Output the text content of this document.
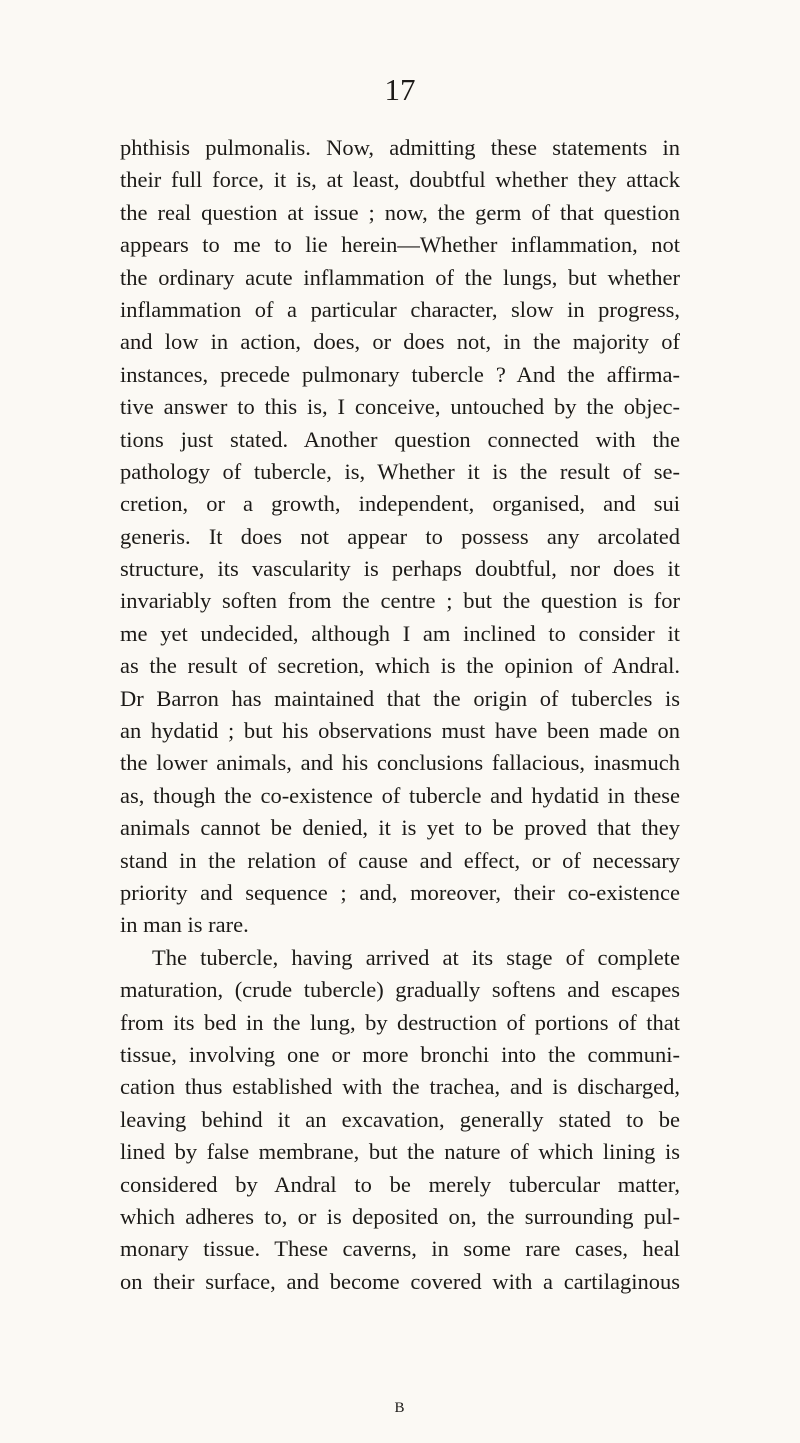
17
phthisis pulmonalis. Now, admitting these statements in
their full force, it is, at least, doubtful whether they attack
the real question at issue ; now, the germ of that question
appears to me to lie herein—Whether inflammation, not
the ordinary acute inflammation of the lungs, but whether
inflammation of a particular character, slow in progress,
and low in action, does, or does not, in the majority of
instances, precede pulmonary tubercle ? And the affirma-
tive answer to this is, I conceive, untouched by the objec-
tions just stated. Another question connected with the
pathology of tubercle, is, Whether it is the result of se-
cretion, or a growth, independent, organised, and sui
generis. It does not appear to possess any arcolated
structure, its vascularity is perhaps doubtful, nor does it
invariably soften from the centre ; but the question is for
me yet undecided, although I am inclined to consider it
as the result of secretion, which is the opinion of Andral.
Dr Barron has maintained that the origin of tubercles is
an hydatid ; but his observations must have been made on
the lower animals, and his conclusions fallacious, inasmuch
as, though the co-existence of tubercle and hydatid in these
animals cannot be denied, it is yet to be proved that they
stand in the relation of cause and effect, or of necessary
priority and sequence ; and, moreover, their co-existence
in man is rare.
The tubercle, having arrived at its stage of complete
maturation, (crude tubercle) gradually softens and escapes
from its bed in the lung, by destruction of portions of that
tissue, involving one or more bronchi into the communi-
cation thus established with the trachea, and is discharged,
leaving behind it an excavation, generally stated to be
lined by false membrane, but the nature of which lining is
considered by Andral to be merely tubercular matter,
which adheres to, or is deposited on, the surrounding pul-
monary tissue. These caverns, in some rare cases, heal
on their surface, and become covered with a cartilaginous
B
